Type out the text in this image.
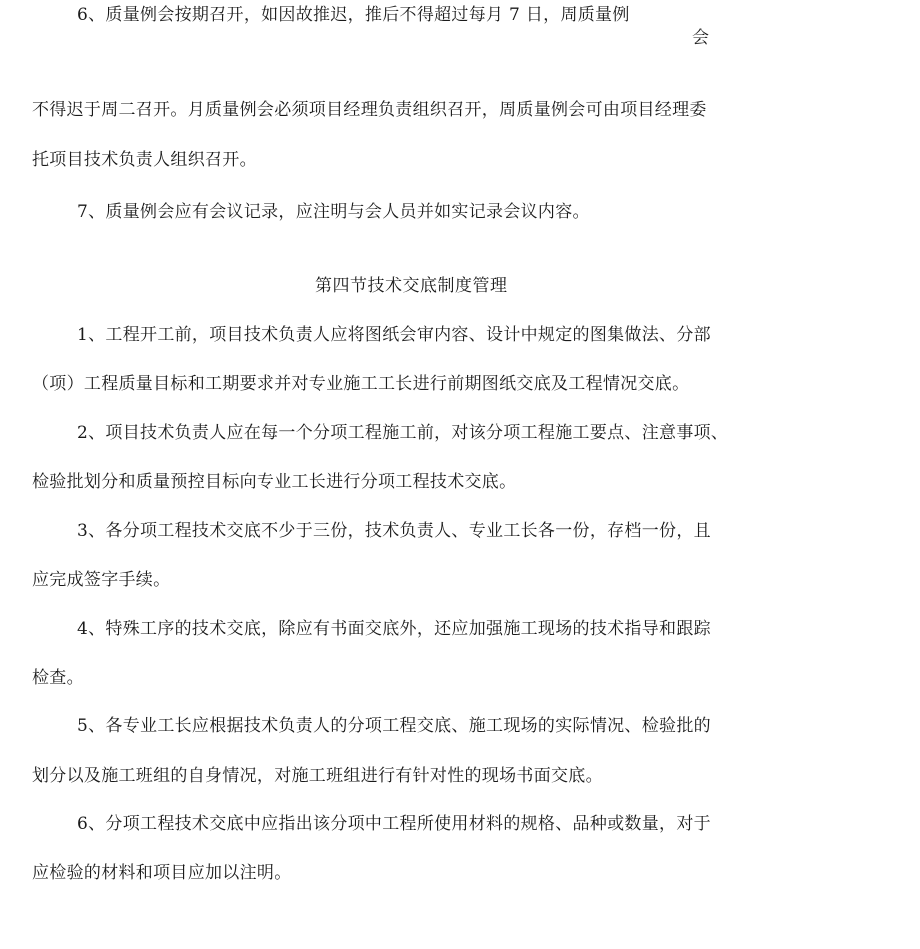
6、质量例会按期召开，如因故推迟，推后不得超过每月 7 日，周质量例
会
不得迟于周二召开。月质量例会必须项目经理负责组织召开，周质量例会可由项目经理委
托项目技术负责人组织召开。
7、质量例会应有会议记录，应注明与会人员并如实记录会议内容。
第四节技术交底制度管理
1、工程开工前，项目技术负责人应将图纸会审内容、设计中规定的图集做法、分部
（项）工程质量目标和工期要求并对专业施工工长进行前期图纸交底及工程情况交底。
2、项目技术负责人应在每一个分项工程施工前，对该分项工程施工要点、注意事项、
检验批划分和质量预控目标向专业工长进行分项工程技术交底。
3、各分项工程技术交底不少于三份，技术负责人、专业工长各一份，存档一份，且
应完成签字手续。
4、特殊工序的技术交底，除应有书面交底外，还应加强施工现场的技术指导和跟踪
检查。
5、各专业工长应根据技术负责人的分项工程交底、施工现场的实际情况、检验批的
划分以及施工班组的自身情况，对施工班组进行有针对性的现场书面交底。
6、分项工程技术交底中应指出该分项中工程所使用材料的规格、品种或数量，对于
应检验的材料和项目应加以注明。
